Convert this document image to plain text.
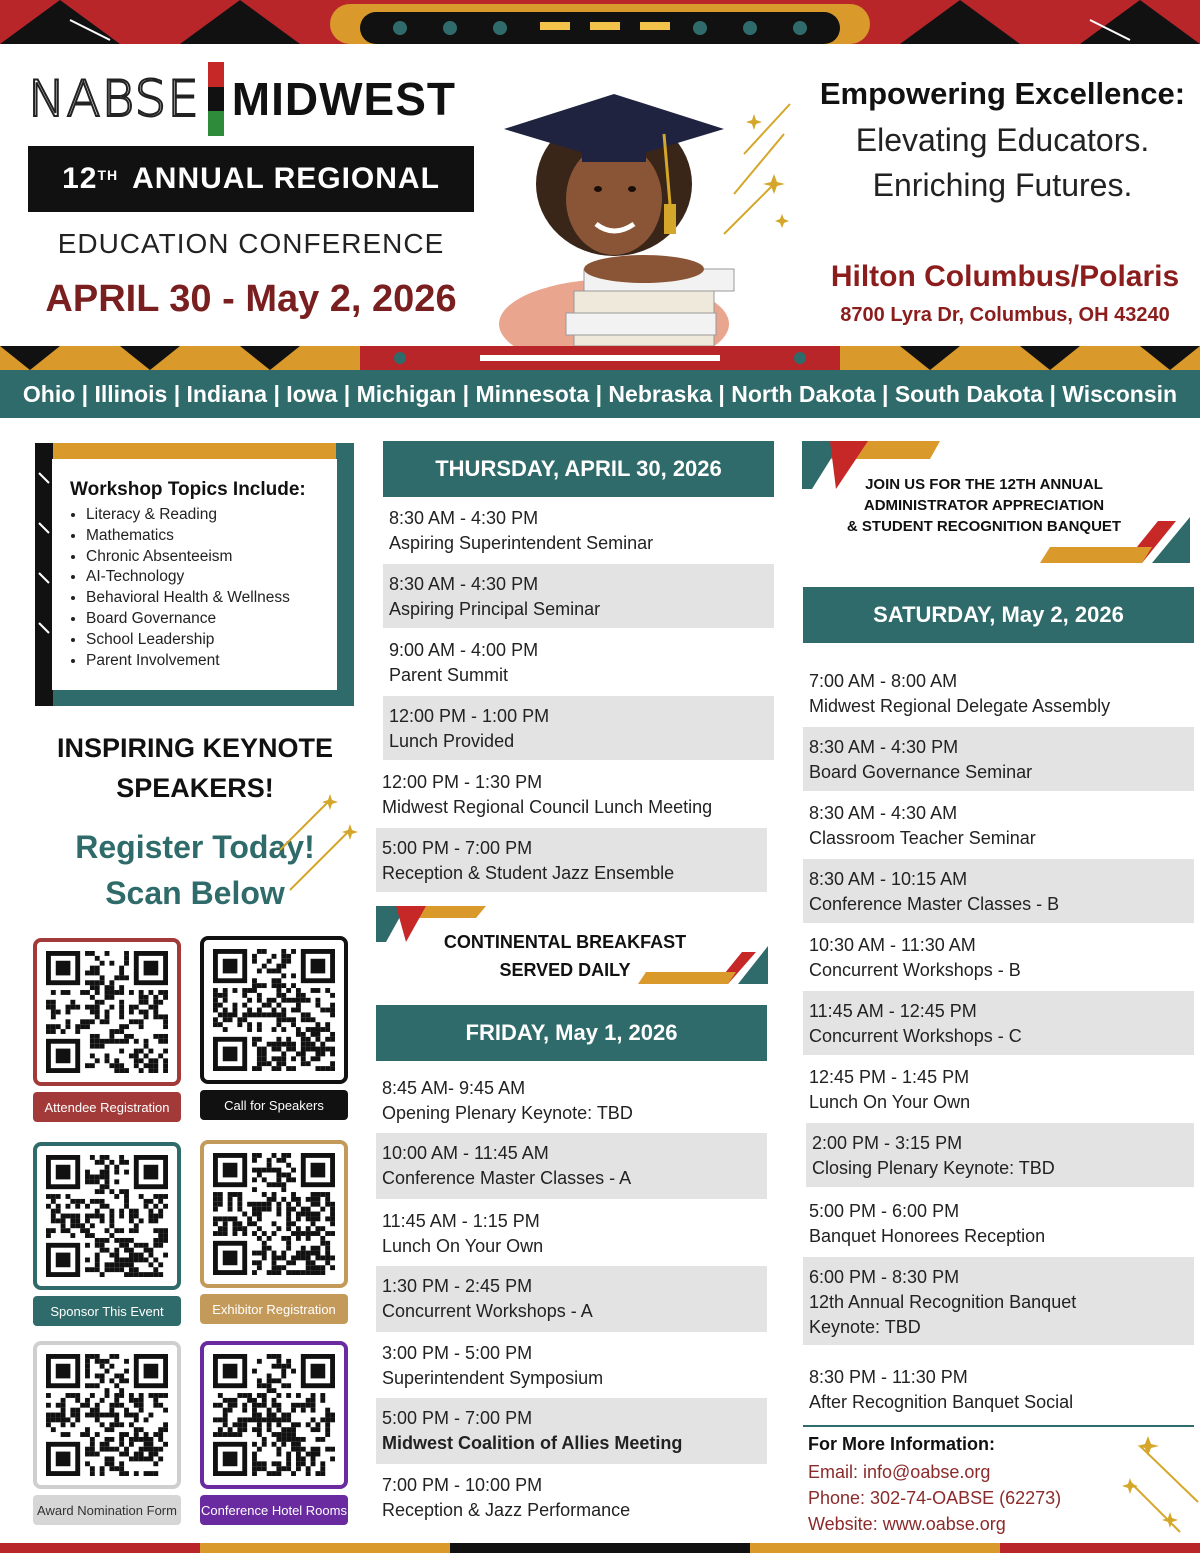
NABSE MIDWEST
12TH ANNUAL REGIONAL
EDUCATION CONFERENCE
APRIL 30 - May 2, 2026
Empowering Excellence:
Elevating Educators.
Enriching Futures.
Hilton Columbus/Polaris
8700 Lyra Dr, Columbus, OH 43240
Ohio | Illinois | Indiana | Iowa | Michigan | Minnesota | Nebraska | North Dakota | South Dakota | Wisconsin
Workshop Topics Include:
• Literacy & Reading
• Mathematics
• Chronic Absenteeism
• AI-Technology
• Behavioral Health & Wellness
• Board Governance
• School Leadership
• Parent Involvement
INSPIRING KEYNOTE
SPEAKERS!
Register Today!
Scan Below
Attendee Registration	Call for Speakers
Sponsor This Event	Exhibitor Registration
Award Nomination Form	Conference Hotel Rooms
THURSDAY, APRIL 30, 2026
8:30 AM - 4:30 PM
Aspiring Superintendent Seminar
8:30 AM - 4:30 PM
Aspiring Principal Seminar
9:00 AM - 4:00 PM
Parent Summit
12:00 PM - 1:00 PM
Lunch Provided
12:00 PM - 1:30 PM
Midwest Regional Council Lunch Meeting
5:00 PM - 7:00 PM
Reception & Student Jazz Ensemble
CONTINENTAL BREAKFAST
SERVED DAILY
FRIDAY, May 1, 2026
8:45 AM- 9:45 AM
Opening Plenary Keynote: TBD
10:00 AM - 11:45 AM
Conference Master Classes - A
11:45 AM - 1:15 PM
Lunch On Your Own
1:30 PM - 2:45 PM
Concurrent Workshops - A
3:00 PM - 5:00 PM
Superintendent Symposium
5:00 PM - 7:00 PM
Midwest Coalition of Allies Meeting
7:00 PM - 10:00 PM
Reception & Jazz Performance
JOIN US FOR THE 12TH ANNUAL
ADMINISTRATOR APPRECIATION
& STUDENT RECOGNITION BANQUET
SATURDAY, May 2, 2026
7:00 AM - 8:00 AM
Midwest Regional Delegate Assembly
8:30 AM - 4:30 PM
Board Governance Seminar
8:30 AM - 4:30 AM
Classroom Teacher Seminar
8:30 AM - 10:15 AM
Conference Master Classes - B
10:30 AM - 11:30 AM
Concurrent Workshops - B
11:45 AM - 12:45 PM
Concurrent Workshops - C
12:45 PM - 1:45 PM
Lunch On Your Own
2:00 PM - 3:15 PM
Closing Plenary Keynote: TBD
5:00 PM - 6:00 PM
Banquet Honorees Reception
6:00 PM - 8:30 PM
12th Annual Recognition Banquet
Keynote: TBD
8:30 PM - 11:30 PM
After Recognition Banquet Social
For More Information:
Email: info@oabse.org
Phone: 302-74-OABSE (62273)
Website: www.oabse.org
